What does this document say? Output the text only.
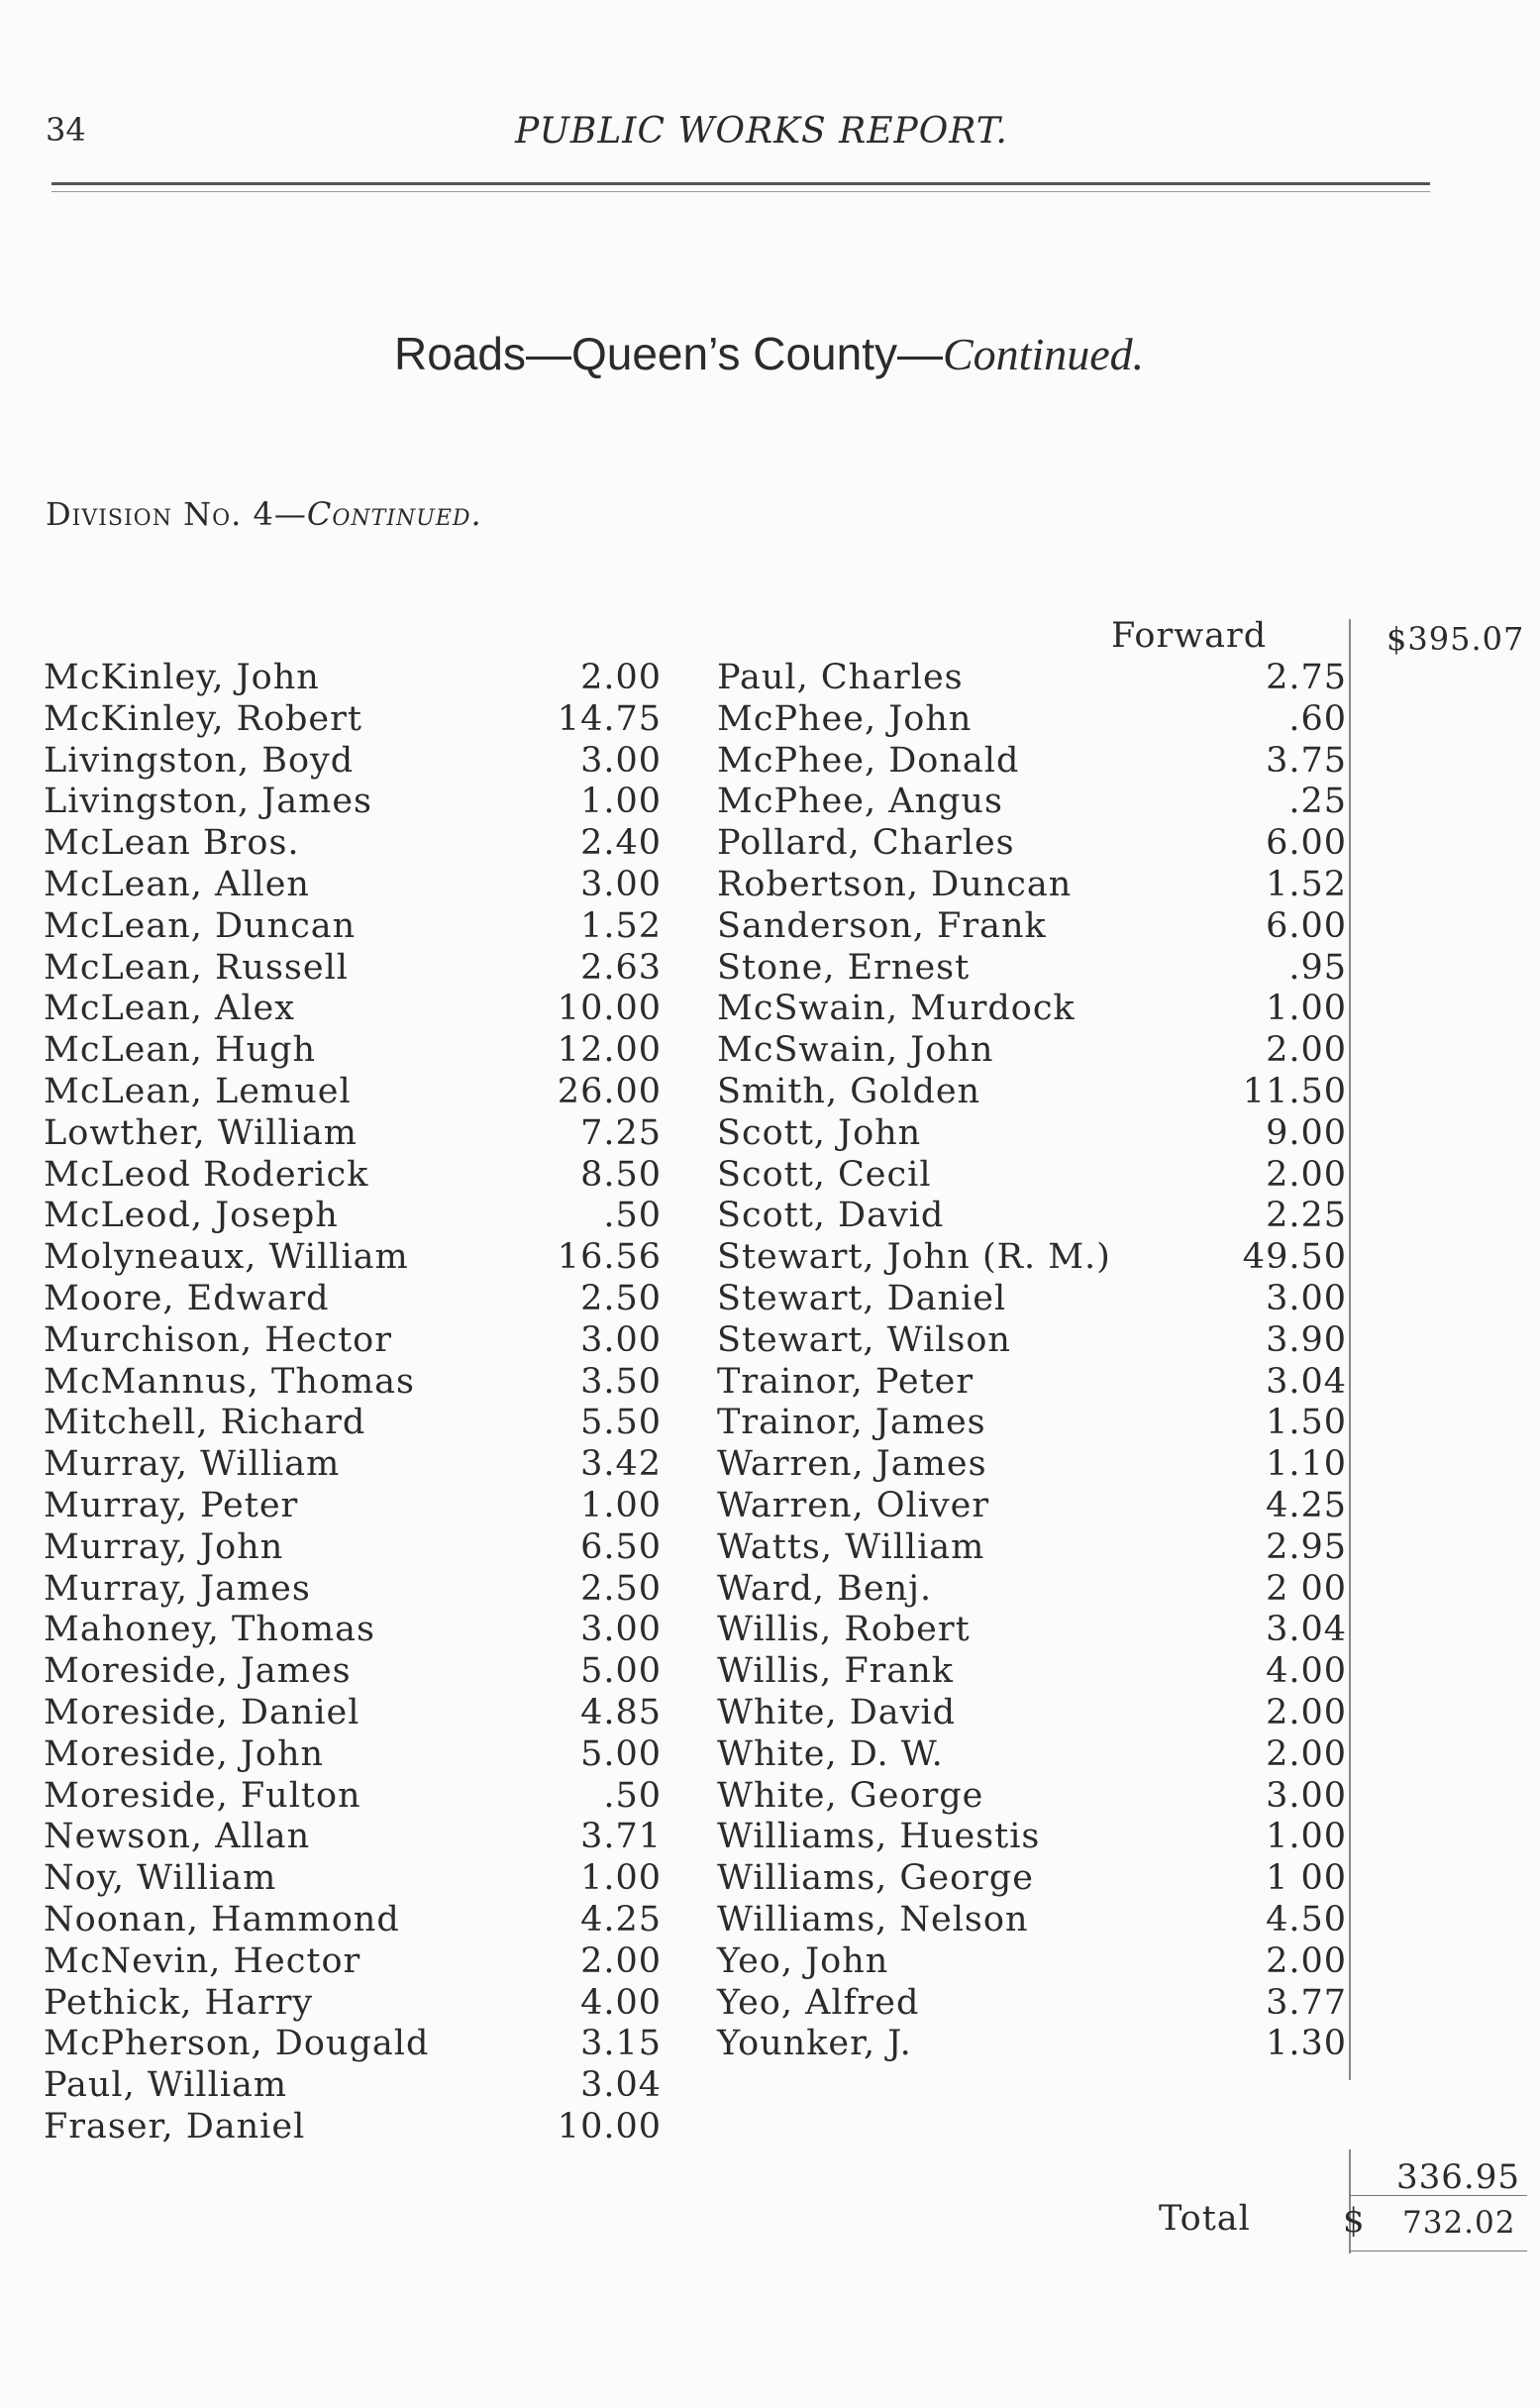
34	PUBLIC WORKS REPORT.
Roads—Queen’s County—Continued.
Division No. 4—Continued.
Forward	$395.07
McKinley, John	2.00
McKinley, Robert	14.75
Livingston, Boyd	3.00
Livingston, James	1.00
McLean Bros.	2.40
McLean, Allen	3.00
McLean, Duncan	1.52
McLean, Russell	2.63
McLean, Alex	10.00
McLean, Hugh	12.00
McLean, Lemuel	26.00
Lowther, William	7.25
McLeod Roderick	8.50
McLeod, Joseph	.50
Molyneaux, William	16.56
Moore, Edward	2.50
Murchison, Hector	3.00
McMannus, Thomas	3.50
Mitchell, Richard	5.50
Murray, William	3.42
Murray, Peter	1.00
Murray, John	6.50
Murray, James	2.50
Mahoney, Thomas	3.00
Moreside, James	5.00
Moreside, Daniel	4.85
Moreside, John	5.00
Moreside, Fulton	.50
Newson, Allan	3.71
Noy, William	1.00
Noonan, Hammond	4.25
McNevin, Hector	2.00
Pethick, Harry	4.00
McPherson, Dougald	3.15
Paul, William	3.04
Fraser, Daniel	10.00
Paul, Charles	2.75
McPhee, John	.60
McPhee, Donald	3.75
McPhee, Angus	.25
Pollard, Charles	6.00
Robertson, Duncan	1.52
Sanderson, Frank	6.00
Stone, Ernest	.95
McSwain, Murdock	1.00
McSwain, John	2.00
Smith, Golden	11.50
Scott, John	9.00
Scott, Cecil	2.00
Scott, David	2.25
Stewart, John (R. M.)	49.50
Stewart, Daniel	3.00
Stewart, Wilson	3.90
Trainor, Peter	3.04
Trainor, James	1.50
Warren, James	1.10
Warren, Oliver	4.25
Watts, William	2.95
Ward, Benj.	2 00
Willis, Robert	3.04
Willis, Frank	4.00
White, David	2.00
White, D. W.	2.00
White, George	3.00
Williams, Huestis	1.00
Williams, George	1 00
Williams, Nelson	4.50
Yeo, John	2.00
Yeo, Alfred	3.77
Younker, J.	1.30
336.95
Total	$ 732.02
